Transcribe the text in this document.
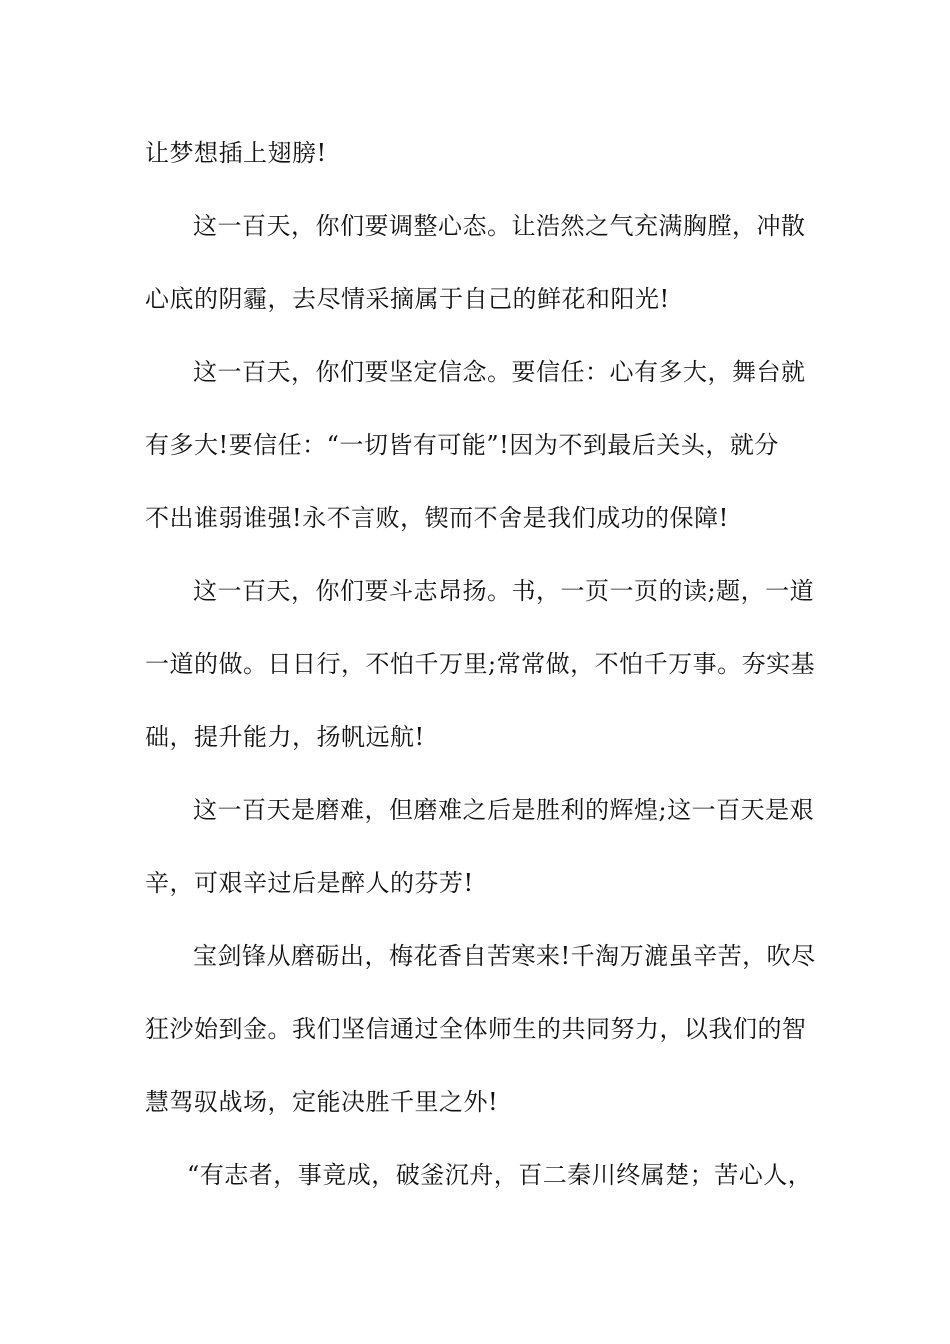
让梦想插上翅膀!
这一百天，你们要调整心态。让浩然之气充满胸膛，冲散
心底的阴霾，去尽情采摘属于自己的鲜花和阳光!
这一百天，你们要坚定信念。要信任：心有多大，舞台就
有多大!要信任：“一切皆有可能”!因为不到最后关头，就分
不出谁弱谁强!永不言败，锲而不舍是我们成功的保障!
这一百天，你们要斗志昂扬。书，一页一页的读;题，一道
一道的做。日日行，不怕千万里;常常做，不怕千万事。夯实基
础，提升能力，扬帆远航!
这一百天是磨难，但磨难之后是胜利的辉煌;这一百天是艰
辛，可艰辛过后是醉人的芬芳!
宝剑锋从磨砺出，梅花香自苦寒来!千淘万漉虽辛苦，吹尽
狂沙始到金。我们坚信通过全体师生的共同努力，以我们的智
慧驾驭战场，定能决胜千里之外!
“有志者，事竟成，破釜沉舟，百二秦川终属楚；苦心人，
